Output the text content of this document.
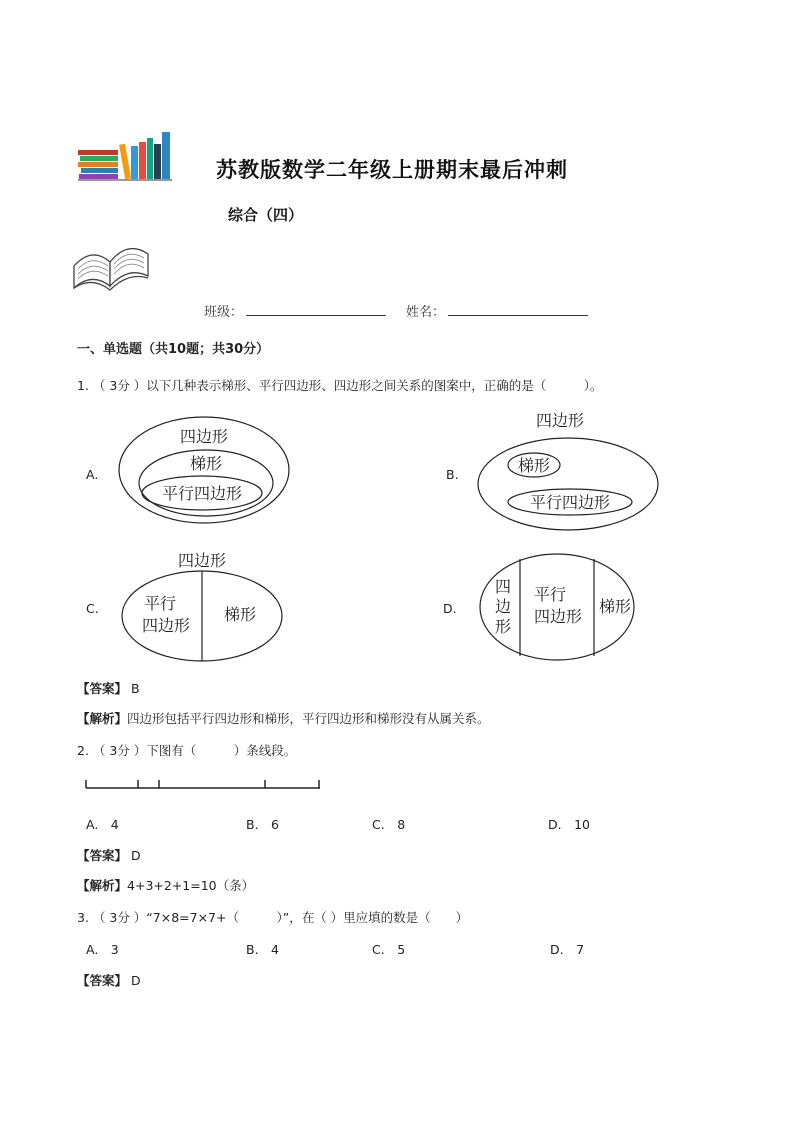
苏教版数学二年级上册期末最后冲刺
综合（四）
班级：	姓名：
一、单选题（共10题；共30分）
1. （ 3分 ）以下几种表示梯形、平行四边形、四边形之间关系的图案中，正确的是（　　　）。
A.
四边形
梯形
平行四边形
B.
四边形
梯形
平行四边形
C.
四边形
平行
四边形
梯形	D.
四
边
形
平行
四边形
梯形
【答案】 B
【解析】四边形包括平行四边形和梯形，平行四边形和梯形没有从属关系。
2. （ 3分 ）下图有（　　　）条线段。
A.　4	B.　6	C.　8	D.　10
【答案】 D
【解析】4+3+2+1=10（条）
3. （ 3分 ）“7×8=7×7+（　　　）”，在（ ）里应填的数是（　　）
A.　3	B.　4	C.　5	D.　7
【答案】 D
